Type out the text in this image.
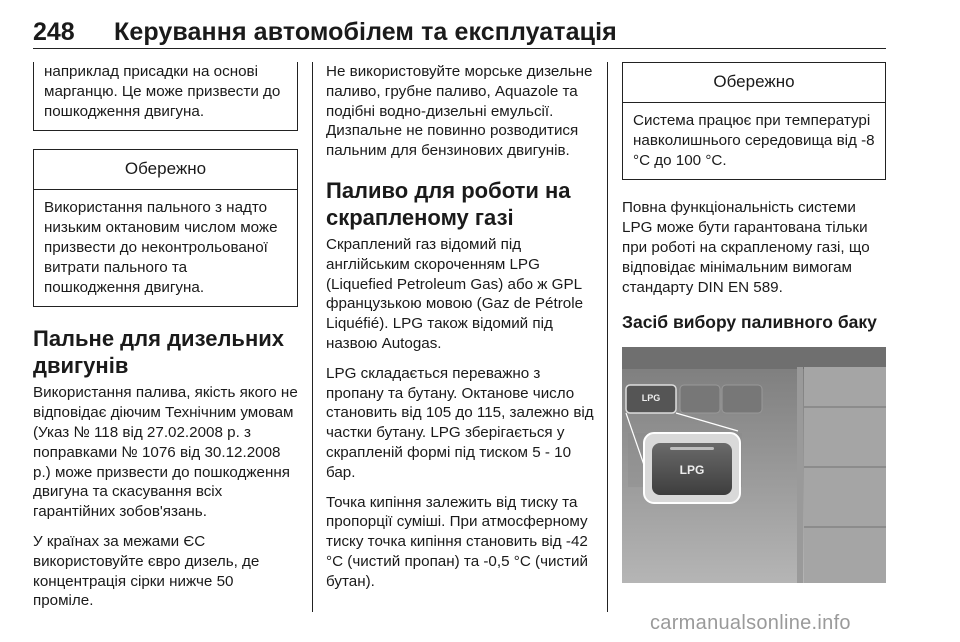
248 Керування автомобілем та експлуатація
наприклад присадки на основі марганцю. Це може призвести до пошкодження двигуна.
Обережно
Використання пального з надто низьким октановим числом може призвести до неконтрольованої витрати пального та пошкодження двигуна.
Пальне для дизельних двигунів

Використання палива, якість якого не відповідає діючим Технічним умовам (Указ № 118 від 27.02.2008 р. з поправками № 1076 від 30.12.2008 р.) може призвести до пошкодження двигуна та скасування всіх гарантійних зобов'язань.

У країнах за межами ЄС використовуйте євро дизель, де концентрація сірки нижче 50 проміле.

Не використовуйте морське дизельне паливо, грубне паливо, Aquazole та подібні водно-дизельні емульсії. Дизпальне не повинно розводитися пальним для бензинових двигунів.

Паливо для роботи на скрапленому газі

Скраплений газ відомий під англійським скороченням LPG (Liquefied Petroleum Gas) або ж GPL французькою мовою (Gaz de Pétrole Liquéfié). LPG також відомий під назвою Autogas.

LPG складається переважно з пропану та бутану. Октанове число становить від 105 до 115, залежно від частки бутану. LPG зберігається у скрапленій формі під тиском 5 - 10 бар.

Точка кипіння залежить від тиску та пропорції суміші. При атмосферному тиску точка кипіння становить від -42 °C (чистий пропан) та -0,5 °C (чистий бутан).

Обережно
Система працює при температурі навколишнього середовища від -8 °C до 100 °C.

Повна функціональність системи LPG може бути гарантована тільки при роботі на скрапленому газі, що відповідає мінімальним вимогам стандарту DIN EN 589.

Засіб вибору паливного баку
LPG
LPG
carmanualsonline.info
